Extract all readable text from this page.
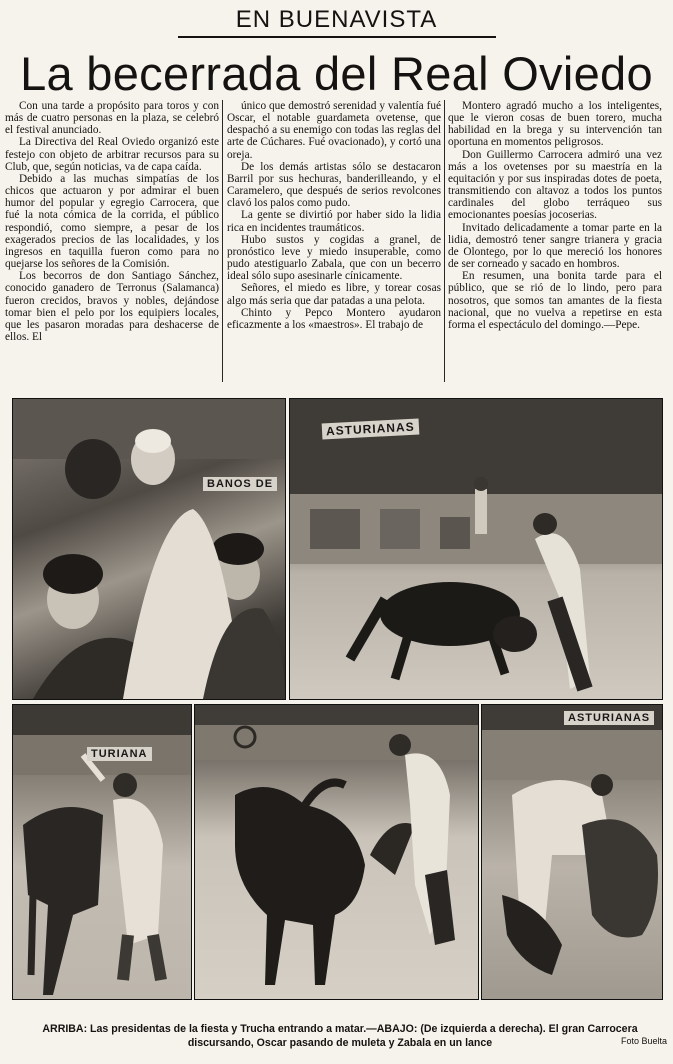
EN BUENAVISTA
La becerrada del Real Oviedo

Con una tarde a propósito para toros y con más de cuatro personas en la plaza, se celebró el festival anunciado.

La Directiva del Real Oviedo organizó este festejo con objeto de arbitrar recursos para su Club, que, según noticias, va de capa caída.

Debido a las muchas simpatías de los chicos que actuaron y por admirar el buen humor del popular y egregio Carrocera, que fué la nota cómica de la corrida, el público respondió, como siempre, a pesar de los exagerados precios de las localidades, y los ingresos en taquilla fueron como para no quejarse los señores de la Comisión.

Los becorros de don Santiago Sánchez, conocido ganadero de Terronus (Salamanca) fueron crecidos, bravos y nobles, dejándose tomar bien el pelo por los equipiers locales, que les pasaron moradas para deshacerse de ellos. El

único que demostró serenidad y valentía fué Oscar, el notable guardameta ovetense, que despachó a su enemigo con todas las reglas del arte de Cúchares. Fué ovacionado), y cortó una oreja.

De los demás artistas sólo se destacaron Barril por sus hechuras, banderilleando, y el Caramelero, que después de serios revolcones clavó los palos como pudo.

La gente se divirtió por haber sido la lidia rica en incidentes traumáticos.

Hubo sustos y cogidas a granel, de pronóstico leve y miedo insuperable, como pudo atestiguarlo Zabala, que con un becerro ideal sólo supo asesinarle cínicamente.

Señores, el miedo es libre, y torear cosas algo más seria que dar patadas a una pelota.

Chinto y Pepco Montero ayudaron eficazmente a los «maestros». El trabajo de

Montero agradó mucho a los inteligentes, que le vieron cosas de buen torero, mucha habilidad en la brega y su intervención tan oportuna en momentos peligrosos.

Don Guillermo Carrocera admiró una vez más a los ovetenses por su maestría en la equitación y por sus inspiradas dotes de poeta, transmitiendo con altavoz a todos los puntos cardinales del globo terráqueo sus emocionantes poesías jocoserias.

Invitado delicadamente a tomar parte en la lidia, demostró tener sangre trianera y gracia de Olontego, por lo que mereció los honores de ser corneado y sacado en hombros.

En resumen, una bonita tarde para el público, que se rió de lo lindo, pero para nosotros, que somos tan amantes de la fiesta nacional, que no vuelva a repetirse en esta forma el espectáculo del domingo.—Pepe.

BANOS DE
ASTURIANAS
TURIANA
ASTURIANAS
ARRIBA: Las presidentas de la fiesta y Trucha entrando a matar.—ABAJO: (De izquierda a derecha). El gran Carrocera discursando, Oscar pasando de muleta y Zabala en un lance	Foto Buelta
